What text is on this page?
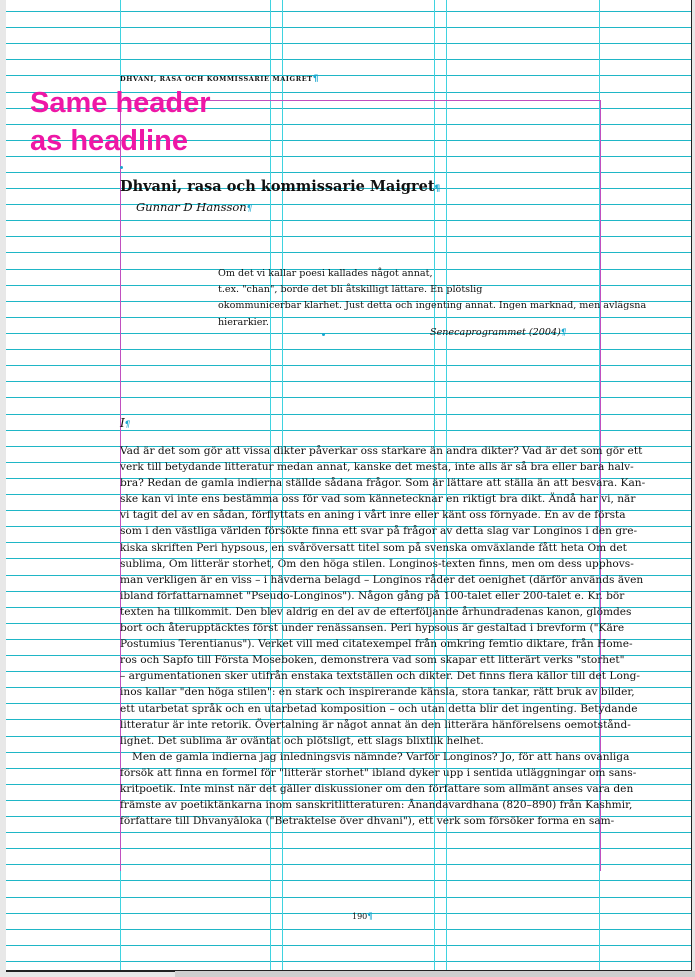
DHVANI, RASA OCH KOMMISSARIE MAIGRET¶
Same header
as headline
Dhvani, rasa och kommissarie Maigret¶
Gunnar D Hansson¶
Om det vi kallar poesi kallades något annat,
t.ex. "chan", borde det bli åtskilligt lättare. En plötslig
okommunicerbar klarhet. Just detta och ingenting annat. Ingen marknad, men avlägsna
hierarkier.
Senecaprogrammet (2004)¶
I¶
Vad är det som gör att vissa dikter påverkar oss starkare än andra dikter? Vad är det som gör ett
verk till betydande litteratur medan annat, kanske det mesta, inte alls är så bra eller bara halv-
bra? Redan de gamla indierna ställde sådana frågor. Som är lättare att ställa än att besvara. Kan-
ske kan vi inte ens bestämma oss för vad som kännetecknar en riktigt bra dikt. Ändå har vi, när
vi tagit del av en sådan, förflyttats en aning i vårt inre eller känt oss förnyade. En av de första
som i den västliga världen försökte finna ett svar på frågor av detta slag var Longinos i den gre-
kiska skriften Peri hypsous, en svåröversatt titel som på svenska omväxlande fått heta Om det
sublima, Om litterär storhet, Om den höga stilen. Longinos-texten finns, men om dess upphovs-
man verkligen är en viss – i hävderna belagd – Longinos råder det oenighet (därför används även
ibland författarnamnet "Pseudo-Longinos"). Någon gång på 100-talet eller 200-talet e. Kr. bör
texten ha tillkommit. Den blev aldrig en del av de efterföljande århundradenas kanon, glömdes
bort och återupptäcktes först under renässansen. Peri hypsous är gestaltad i brevform ("Käre
Postumius Terentianus"). Verket vill med citatexempel från omkring femtio diktare, från Home-
ros och Sapfo till Första Moseboken, demonstrera vad som skapar ett litterärt verks "storhet"
– argumentationen sker utifrån enstaka textställen och dikter. Det finns flera källor till det Long-
inos kallar "den höga stilen": en stark och inspirerande känsla, stora tankar, rätt bruk av bilder,
ett utarbetat språk och en utarbetad komposition – och utan detta blir det ingenting. Betydande
litteratur är inte retorik. Övertalning är något annat än den litterära hänförelsens oemotstånd-
lighet. Det sublima är oväntat och plötsligt, ett slags blixtlik helhet.
Men de gamla indierna jag inledningsvis nämnde? Varför Longinos? Jo, för att hans ovanliga
försök att finna en formel för "litterär storhet" ibland dyker upp i sentida utläggningar om sans-
kritpoetik. Inte minst när det gäller diskussioner om den författare som allmänt anses vara den
främste av poetiktänkarna inom sanskritlitteraturen: Ānandavardhana (820–890) från Kashmir,
författare till Dhvanyāloka ("Betraktelse över dhvani"), ett verk som försöker forma en sam-
190¶
